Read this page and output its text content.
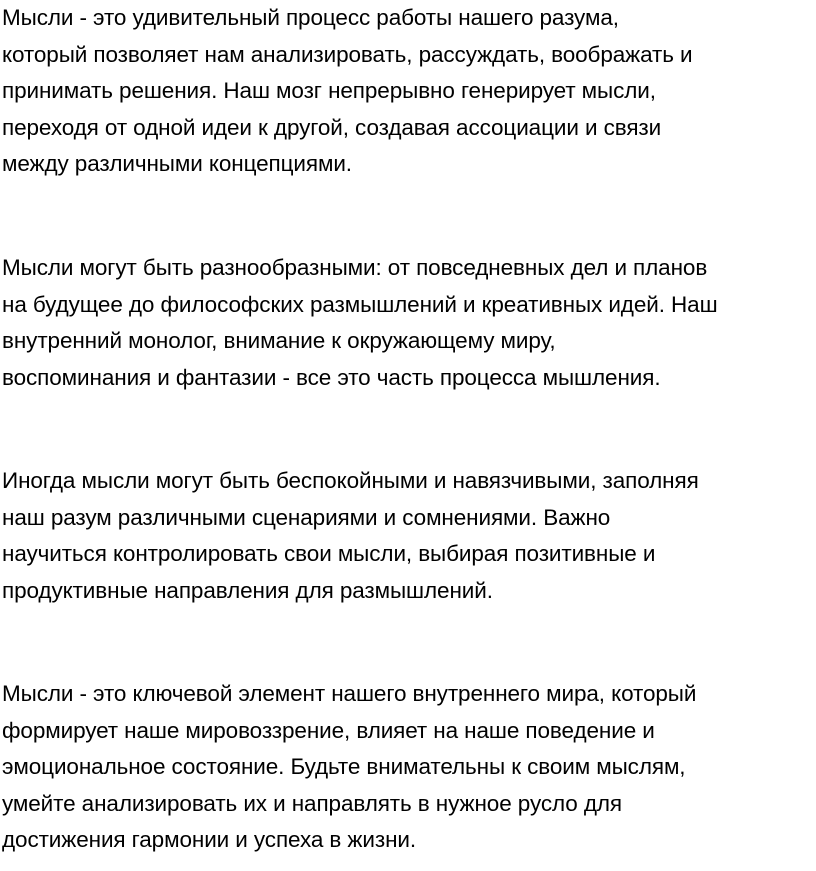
Мысли - это удивительный процесс работы нашего разума,
который позволяет нам анализировать, рассуждать, воображать и
принимать решения. Наш мозг непрерывно генерирует мысли,
переходя от одной идеи к другой, создавая ассоциации и связи
между различными концепциями.

Мысли могут быть разнообразными: от повседневных дел и планов
на будущее до философских размышлений и креативных идей. Наш
внутренний монолог, внимание к окружающему миру,
воспоминания и фантазии - все это часть процесса мышления.

Иногда мысли могут быть беспокойными и навязчивыми, заполняя
наш разум различными сценариями и сомнениями. Важно
научиться контролировать свои мысли, выбирая позитивные и
продуктивные направления для размышлений.

Мысли - это ключевой элемент нашего внутреннего мира, который
формирует наше мировоззрение, влияет на наше поведение и
эмоциональное состояние. Будьте внимательны к своим мыслям,
умейте анализировать их и направлять в нужное русло для
достижения гармонии и успеха в жизни.
